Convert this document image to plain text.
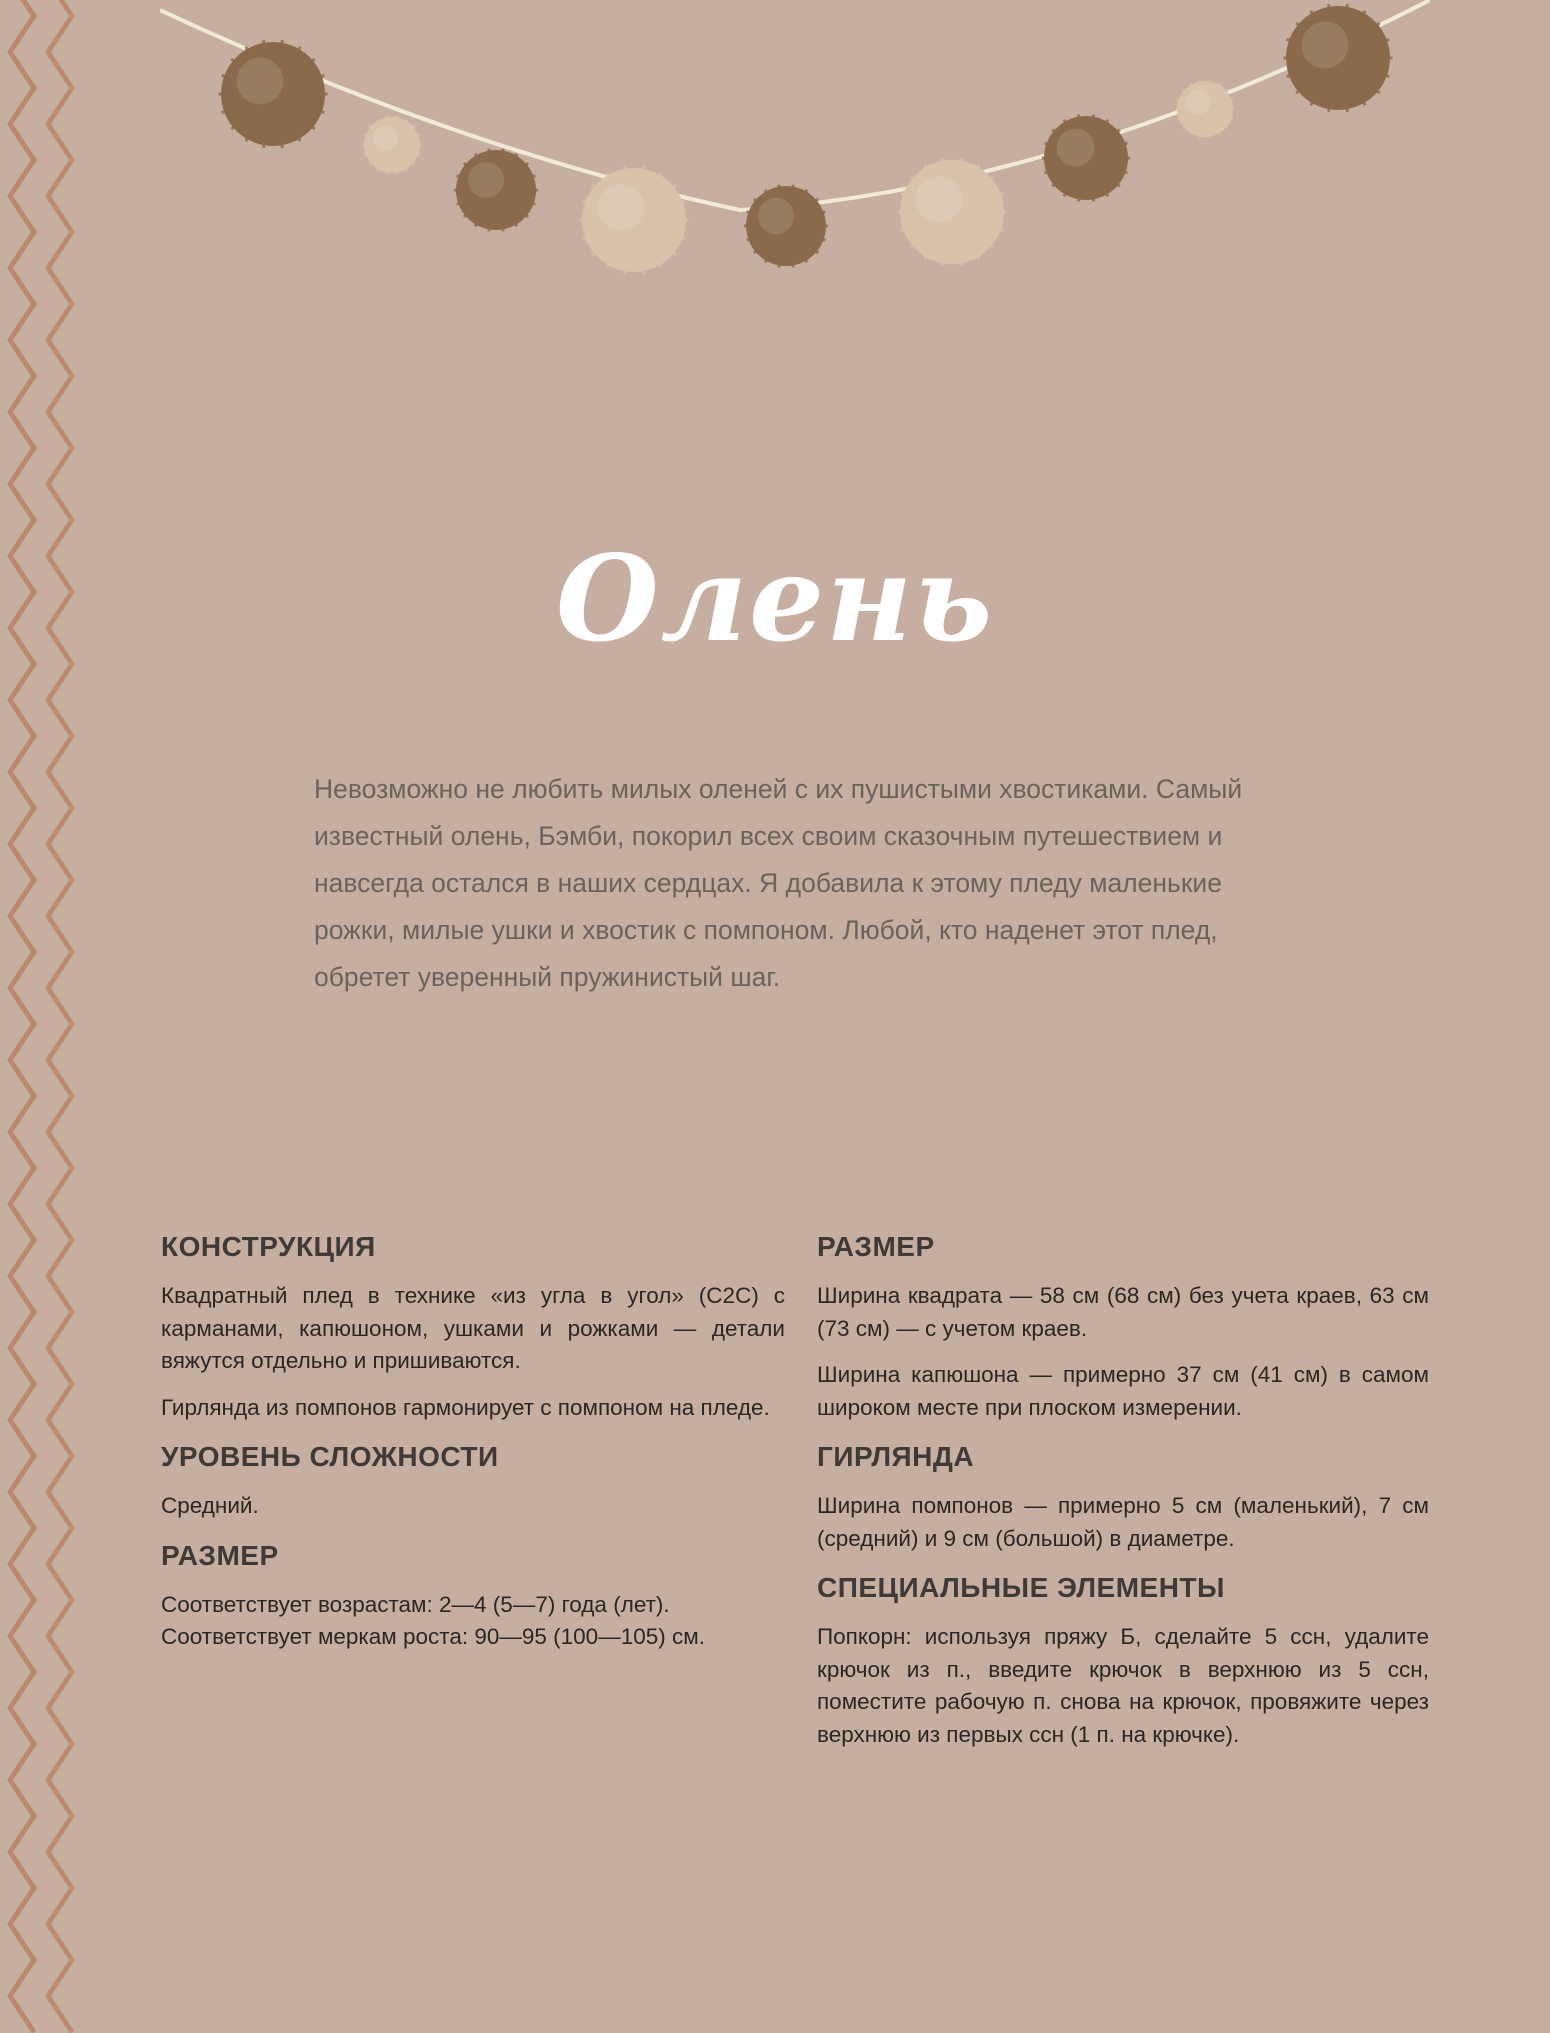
Олень

Невозможно не любить милых оленей с их пушистыми хвостиками. Самый известный олень, Бэмби, покорил всех своим сказочным путешествием и навсегда остался в наших сердцах. Я добавила к этому пледу маленькие рожки, милые ушки и хвостик с помпоном. Любой, кто наденет этот плед, обретет уверенный пружинистый шаг.

КОНСТРУКЦИЯ

Квадратный плед в технике «из угла в угол» (C2C) с карманами, капюшоном, ушками и рожками — детали вяжутся отдельно и пришиваются.

Гирлянда из помпонов гармонирует с помпоном на пледе.

УРОВЕНЬ СЛОЖНОСТИ

Средний.

РАЗМЕР

Соответствует возрастам: 2—4 (5—7) года (лет).

Соответствует меркам роста: 90—95 (100—105) см.

РАЗМЕР

Ширина квадрата — 58 см (68 см) без учета краев, 63 см (73 см) — с учетом краев.

Ширина капюшона — примерно 37 см (41 см) в самом широком месте при плоском измерении.

ГИРЛЯНДА

Ширина помпонов — примерно 5 см (маленький), 7 см (средний) и 9 см (большой) в диаметре.

СПЕЦИАЛЬНЫЕ ЭЛЕМЕНТЫ

Попкорн: используя пряжу Б, сделайте 5 ссн, удалите крючок из п., введите крючок в верхнюю из 5 ссн, поместите рабочую п. снова на крючок, провяжите через верхнюю из первых ссн (1 п. на крючке).
